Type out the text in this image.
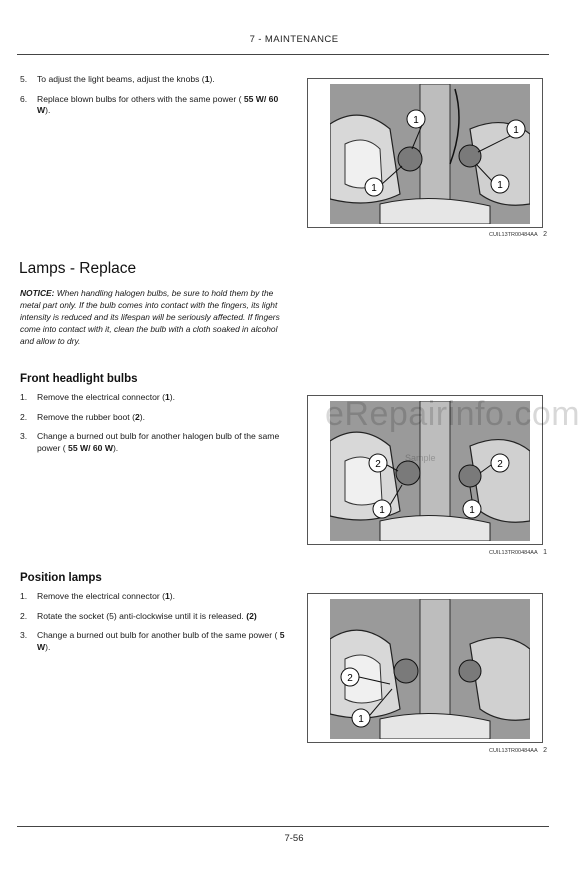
7 - MAINTENANCE
5. To adjust the light beams, adjust the knobs (1).
6. Replace blown bulbs for others with the same power ( 55 W/ 60 W).
1
1
1	1
CUIL13TR00484AA 2
Lamps - Replace

NOTICE: When handling halogen bulbs, be sure to hold them by the metal part only. If the bulb comes into contact with the fingers, its light intensity is reduced and its lifespan will be seriously affected. If fingers come into contact with it, clean the bulb with a cloth soaked in alcohol and allow to dry.

Front headlight bulbs
1. Remove the electrical connector (1).
2. Remove the rubber boot (2).
3. Change a burned out bulb for another halogen bulb of the same power ( 55 W/ 60 W).
2	2
1	1
CUIL13TR00484AA 1
eRepairinfo.com
Sample
Position lamps
1. Remove the electrical connector (1).
2. Rotate the socket (5) anti-clockwise until it is released. (2)
3. Change a burned out bulb for another bulb of the same power ( 5 W).
2
1
CUIL13TR00484AA 2
7-56
